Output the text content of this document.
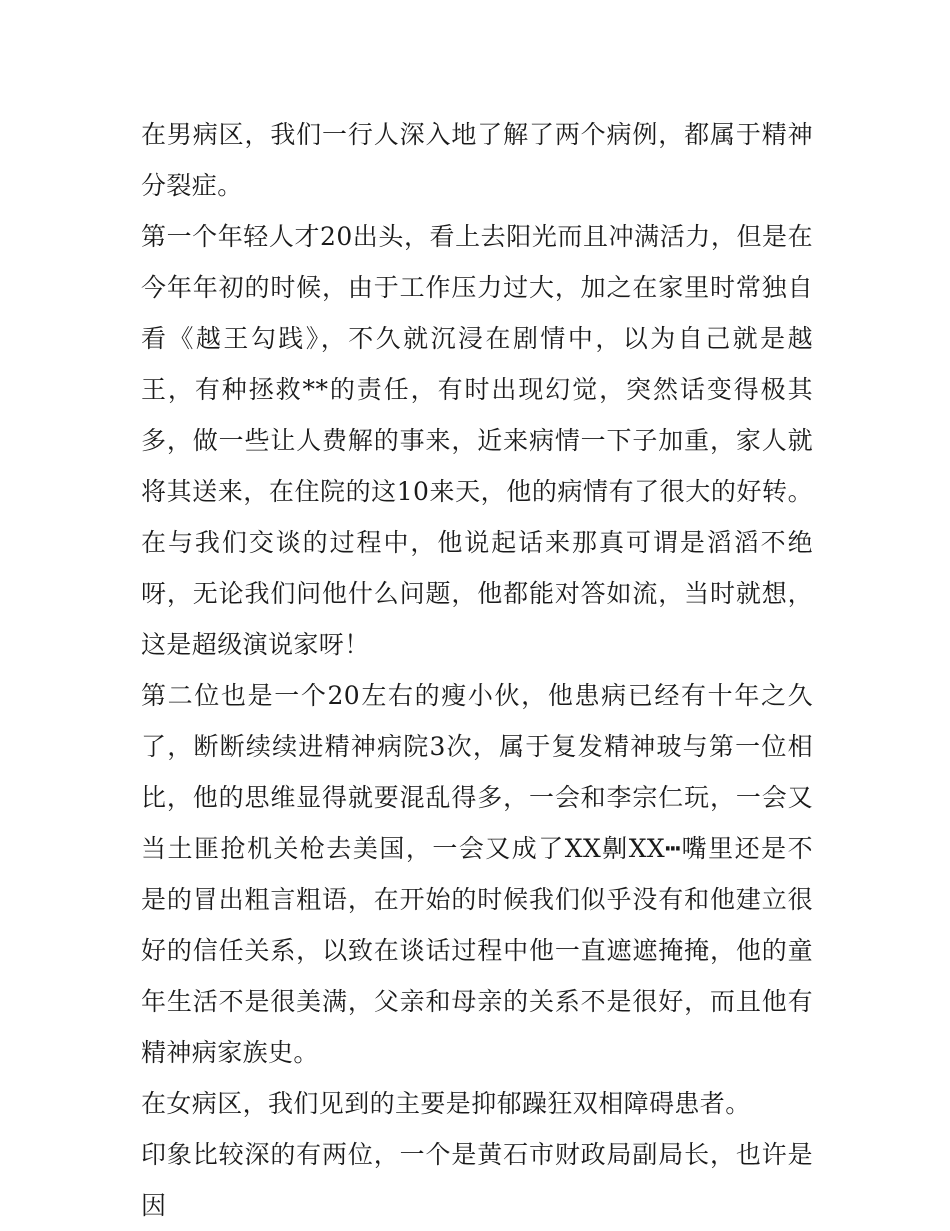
在男病区，我们一行人深入地了解了两个病例，都属于精神分裂症。

第一个年轻人才20出头，看上去阳光而且冲满活力，但是在今年年初的时候，由于工作压力过大，加之在家里时常独自看《越王勾践》，不久就沉浸在剧情中，以为自己就是越王，有种拯救**的责任，有时出现幻觉，突然话变得极其多，做一些让人费解的事来，近来病情一下子加重，家人就将其送来，在住院的这10来天，他的病情有了很大的好转。在与我们交谈的过程中，他说起话来那真可谓是滔滔不绝呀，无论我们问他什么问题，他都能对答如流，当时就想，这是超级演说家呀！

第二位也是一个20左右的瘦小伙，他患病已经有十年之久了，断断续续进精神病院3次，属于复发精神玻与第一位相比，他的思维显得就要混乱得多，一会和李宗仁玩，一会又当土匪抢机关枪去美国，一会又成了XX劓XX┅嘴里还是不是的冒出粗言粗语，在开始的时候我们似乎没有和他建立很好的信任关系，以致在谈话过程中他一直遮遮掩掩，他的童年生活不是很美满，父亲和母亲的关系不是很好，而且他有精神病家族史。

在女病区，我们见到的主要是抑郁躁狂双相障碍患者。

印象比较深的有两位，一个是黄石市财政局副局长，也许是因
